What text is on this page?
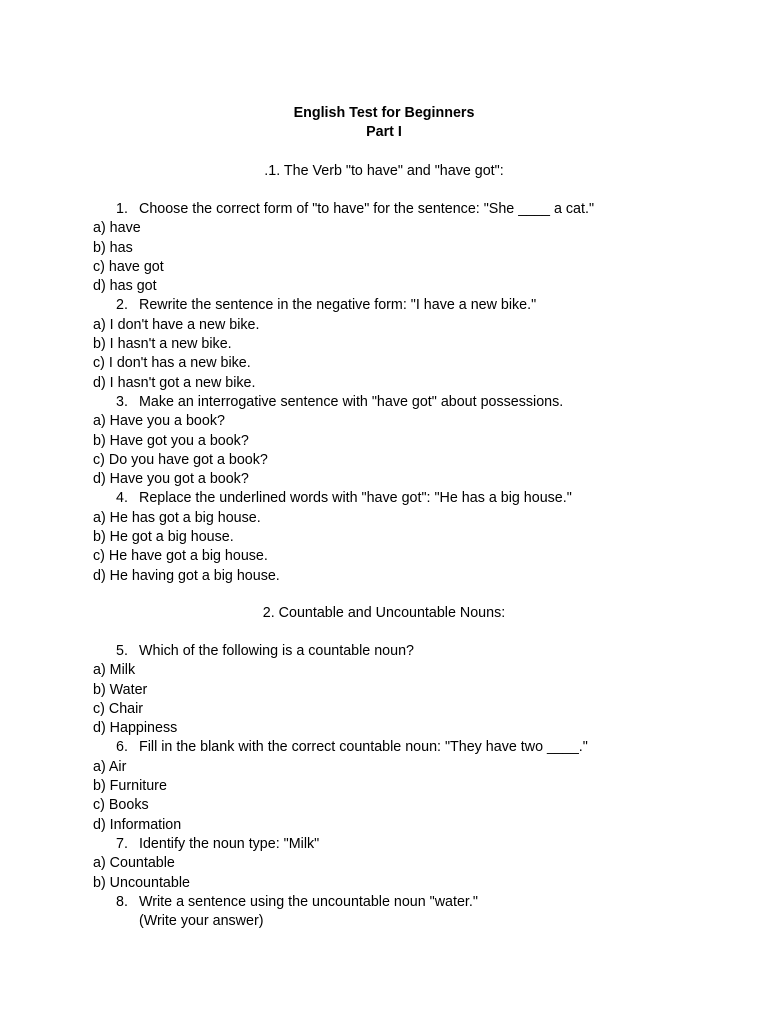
English Test for Beginners
Part I
.1. The Verb "to have" and "have got":
1. Choose the correct form of "to have" for the sentence: "She ____ a cat."
a) have
b) has
c) have got
d) has got
2. Rewrite the sentence in the negative form: "I have a new bike."
a) I don't have a new bike.
b) I hasn't a new bike.
c) I don't has a new bike.
d) I hasn't got a new bike.
3. Make an interrogative sentence with "have got" about possessions.
a) Have you a book?
b) Have got you a book?
c) Do you have got a book?
d) Have you got a book?
4. Replace the underlined words with "have got": "He has a big house."
a) He has got a big house.
b) He got a big house.
c) He have got a big house.
d) He having got a big house.
2. Countable and Uncountable Nouns:
5. Which of the following is a countable noun?
a) Milk
b) Water
c) Chair
d) Happiness
6. Fill in the blank with the correct countable noun: "They have two ____."
a) Air
b) Furniture
c) Books
d) Information
7. Identify the noun type: "Milk"
a) Countable
b) Uncountable
8. Write a sentence using the uncountable noun "water."
(Write your answer)
